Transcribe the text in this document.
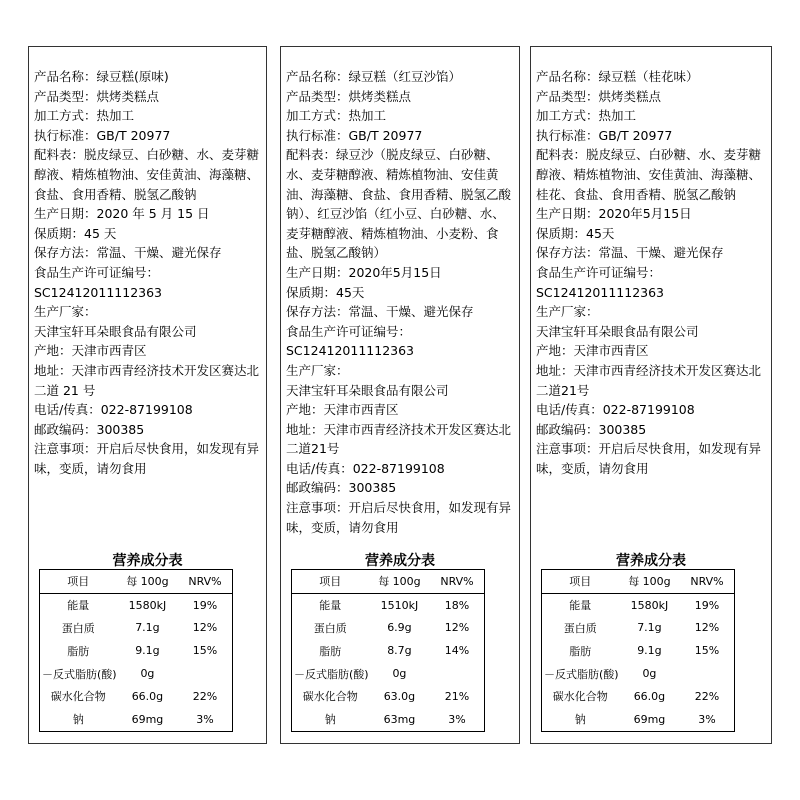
产品名称：绿豆糕(原味)

产品类型：烘烤类糕点

加工方式：热加工

执行标准：GB/T 20977

配料表：脱皮绿豆、白砂糖、水、麦芽糖醇液、精炼植物油、安佳黄油、海藻糖、食盐、食用香精、脱氢乙酸钠

生产日期：2020 年 5 月 15 日

保质期：45 天

保存方法：常温、干燥、避光保存

食品生产许可证编号：

SC12412011112363

生产厂家：

天津宝轩耳朵眼食品有限公司

产地：天津市西青区

地址：天津市西青经济技术开发区赛达北二道 21 号

电话/传真：022-87199108

邮政编码：300385

注意事项：开启后尽快食用，如发现有异味，变质，请勿食用

营养成分表
项目	每 100g	NRV%
能量	1580kJ	19%
蛋白质	7.1g	12%
脂肪	9.1g	15%
－反式脂肪(酸)	0g	
碳水化合物	66.0g	22%
钠	69mg	3%

产品名称：绿豆糕（红豆沙馅）

产品类型：烘烤类糕点

加工方式：热加工

执行标准：GB/T 20977

配料表：绿豆沙（脱皮绿豆、白砂糖、水、麦芽糖醇液、精炼植物油、安佳黄油、海藻糖、食盐、食用香精、脱氢乙酸钠）、红豆沙馅（红小豆、白砂糖、水、麦芽糖醇液、精炼植物油、小麦粉、食盐、脱氢乙酸钠）

生产日期：2020年5月15日

保质期：45天

保存方法：常温、干燥、避光保存

食品生产许可证编号：

SC12412011112363

生产厂家：

天津宝轩耳朵眼食品有限公司

产地：天津市西青区

地址：天津市西青经济技术开发区赛达北二道21号

电话/传真：022-87199108

邮政编码：300385

注意事项：开启后尽快食用，如发现有异味，变质，请勿食用

营养成分表
项目	每 100g	NRV%
能量	1510kJ	18%
蛋白质	6.9g	12%
脂肪	8.7g	14%
－反式脂肪(酸)	0g	
碳水化合物	63.0g	21%
钠	63mg	3%

产品名称：绿豆糕（桂花味）

产品类型：烘烤类糕点

加工方式：热加工

执行标准：GB/T 20977

配料表：脱皮绿豆、白砂糖、水、麦芽糖醇液、精炼植物油、安佳黄油、海藻糖、桂花、食盐、食用香精、脱氢乙酸钠

生产日期：2020年5月15日

保质期：45天

保存方法：常温、干燥、避光保存

食品生产许可证编号：

SC12412011112363

生产厂家：

天津宝轩耳朵眼食品有限公司

产地：天津市西青区

地址：天津市西青经济技术开发区赛达北二道21号

电话/传真：022-87199108

邮政编码：300385

注意事项：开启后尽快食用，如发现有异味，变质，请勿食用

营养成分表
项目	每 100g	NRV%
能量	1580kJ	19%
蛋白质	7.1g	12%
脂肪	9.1g	15%
－反式脂肪(酸)	0g	
碳水化合物	66.0g	22%
钠	69mg	3%
